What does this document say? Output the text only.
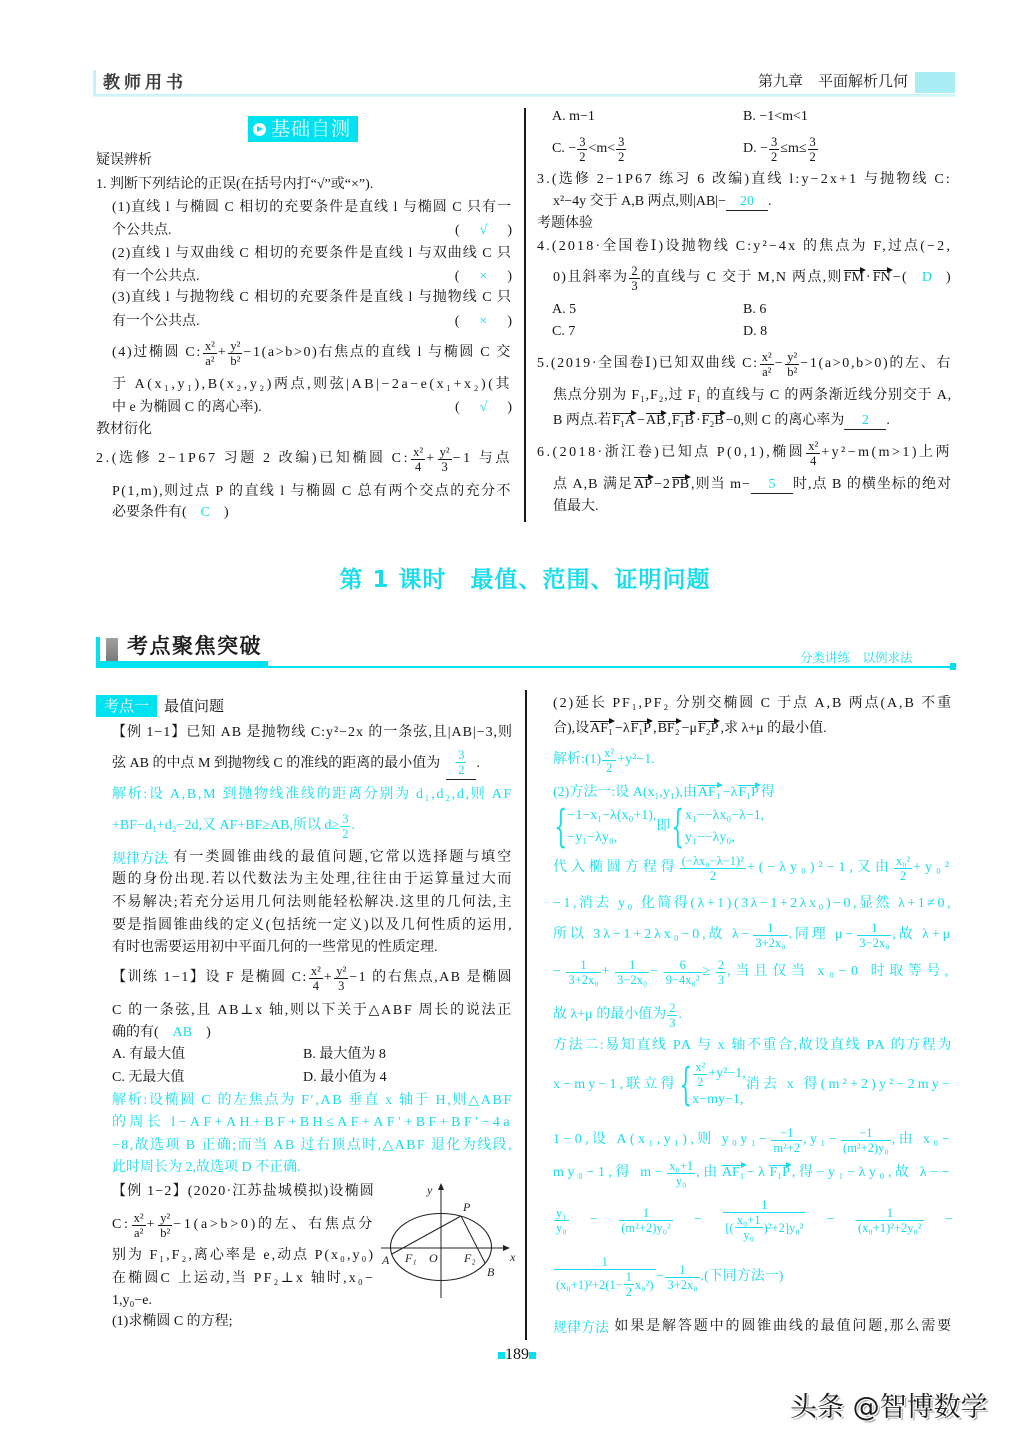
教师用书	第九章　平面解析几何
基础自测
疑误辨析
1. 判断下列结论的正误(在括号内打“√”或“×”).
(1)直线 l 与椭圆 C 相切的充要条件是直线 l 与椭圆 C 只有一
个公共点.	(	√	)
(2)直线 l 与双曲线 C 相切的充要条件是直线 l 与双曲线 C 只
有一个公共点.	(	×	)
(3)直线 l 与抛物线 C 相切的充要条件是直线 l 与抛物线 C 只
有一个公共点.	(	×	)
(4)过椭圆 C: $\frac{\text{x²}}{\text{a²}} + \frac{\text{y²}}{\text{b²}} -1(a>b>0)$右焦点的直线 l 与椭圆 C 交
于 A(x₁,y₁),B(x₂,y₂)两点,则弦|AB|−2a−e(x₁+x₂)(其
中 e 为椭圆 C 的离心率).	(	√	)
教材衍化
2.(选修 2−1P67 习题 2 改编)已知椭圆 C: $\frac{\text{x²}}{4} + \frac{\text{y²}}{3} -1$ 与点
P(1,m),则过点 P 的直线 l 与椭圆 C 总有两个交点的充分不
必要条件有(	C	)
A. m−1	B. −1<m<1
C. − $\frac{3}{2} <m< \frac{3}{2}$	D. − $\frac{3}{2} \le m\le \frac{3}{2}$
3.(选修 2−1P67 练习 6 改编)直线 l:y−2x+1 与抛物线 C:
x²−4y 交于 A,B 两点,则|AB|−	20	.
考题体验
4.(2018·全国卷Ⅰ)设抛物线 C:y²−4x 的焦点为 F,过点(−2,
0)且斜率为 $\frac{2}{3}$ 的直线与 C 交于 M,N 两点,则 FM · FN −(	D	)
A. 5	B. 6
C. 7	D. 8
5.(2019·全国卷Ⅰ)已知双曲线 C: $\frac{\text{x²}}{\text{a²}} - \frac{\text{y²}}{\text{b²}} -1(a>0,b>0)$的左、右
焦点分别为 F₁,F₂,过 F₁ 的直线与 C 的两条渐近线分别交于 A,
B 两点.若 F₁A − AB , F₁B · F₂B −0,则 C 的离心率为	2	.
6.(2018·浙江卷)已知点 P(0,1),椭圆 $\frac{\text{x²}}{4} +y^2-m(m>1)$上两
点 A,B 满足 AP −2 PB ,则当 m−	5	时,点 B 的横坐标的绝对
值最大.
第 1 课时　最值、范围、证明问题
考点聚焦突破	分类讲练　以例求法
考点一	最值问题
【例 1−1】已知 AB 是抛物线 C:y²−2x 的一条弦,且|AB|−3,则
弦 AB 的中点 M 到抛物线 C 的准线的距离的最小值为 $\frac{3}{2}$ .
解析:设 A,B,M 到抛物线准线的距离分别为 d₁,d₂,d,则 AF
+BF−d₁+d₂−2d,又 AF+BF≥AB,所以 $d\ge \frac{3}{2}$ .
规律方法 有一类圆锥曲线的最值问题,它常以选择题与填空
题的身份出现.若以代数法为主处理,往往由于运算量过大而
不易解决;若充分运用几何法则能轻松解决.这里的几何法,主
要是指圆锥曲线的定义(包括统一定义)以及几何性质的运用,
有时也需要运用初中平面几何的一些常见的性质定理.
【训练 1−1】设 F 是椭圆 C: $\frac{\text{x²}}{4} + \frac{\text{y²}}{3} -1$ 的右焦点,AB 是椭圆
C 的一条弦,且 AB⊥x 轴,则以下关于△ABF 周长的说法正
确的有(	AB	)
A. 有最大值	B. 最大值为 8
C. 无最大值	D. 最小值为 4
解析:设椭圆 C 的左焦点为 F′,AB 垂直 x 轴于 H,则△ABF
的周长 l−AF+AH+BF+BH≤AF+AF′+BF+BF′−4a
−8,故选项 B 正确;而当 AB 过右顶点时,△ABF 退化为线段,
此时周长为 2,故选项 D 不正确.
【例 1−2】(2020·江苏盐城模拟)设椭圆
C: $\frac{\text{x²}}{\text{a²}} + \frac{\text{y²}}{\text{b²}} -1(a>b>0)$的左、右焦点分
别为 F₁,F₂,离心率是 e,动点 P(x₀,y₀)
在椭圆C 上运动,当 PF₂⊥x 轴时,x₀−
1,y₀−e.
(1)求椭圆 C 的方程;
y
P
x
A F₁ O F₂
B
(2)延长 PF₁,PF₂ 分别交椭圆 C 于点 A,B 两点(A,B 不重
合),设 AF₁ −λ F₁P , BF₂ −μ F₂P ,求 λ+μ 的最小值.
解析:(1) $\frac{\text{x²}}{2} +y^2-1$.
(2)方法一:设 A(x₁,y₁),由 AF₁ −λ F₁P 得
{ −1−x₁−λ(x₀+1),
−y₁−λy₀,
即 { x₁−−λx₀−λ−1,
y₁−−λy₀,
代入椭圆方程得 $\frac{\text{(−λx₀−λ−1)²}}{2} +(-\lambda y_0)^2-1$,又由 $\frac{\text{x₀²}}{2} +y_0^2$
−1,消去 y₀ 化简得(λ+1)(3λ−1+2λx₀)−0,显然 λ+1≠0,
所以 3λ−1+2λx₀−0,故 $\lambda- \frac{1}{\text{3+2x₀}}$ .同理 $\mu- \frac{1}{\text{3−2x₀}}$ ,故 λ+μ
− $\frac{1}{\text{3+2x₀}} + \frac{1}{\text{3−2x₀}} - \frac{6}{\text{9−4x₀²}} \ge \frac{2}{3}$ ,当且仅当 x₀−0 时取等号,
故 λ+μ 的最小值为 $\frac{2}{3}$ .
方法二:易知直线 PA 与 x 轴不重合,故设直线 PA 的方程为
x−my−1,联立得 { $\frac{\text{x²}}{2} +y^2-1$,
x−my−1,
消去 x 得(m²+2)y²−2my−
1−0,设 A(x₁,y₁),则 $y_0y_1- \frac{-1}{\text{m²+2}} ,y_1- \frac{-1}{\text{(m²+2)y₀}}$ ,由 x₀−
my₀−1,得 $m- \frac{\text{x₀+1}}{\text{y₀}}$ ,由 AF₁ −λ F₁P ,得−y₁−λy₀,故 λ−−
$\frac{\text{y₁}}{\text{y₀}} - \frac{1}{\text{(m²+2)y₀²}} - \frac{1}{[( \frac{\text{x₀+1}}{\text{y₀}} )^2+2]y_0^2} - \frac{1}{\text{(x₀+1)²+2y₀²}}$ −
$\frac{1}{(x_0+1)^2+2(1- \frac{1}{2} x_0^2)} - \frac{1}{\text{3+2x₀}}$ .(下同方法一)
规律方法 如果是解答题中的圆锥曲线的最值问题,那么需要
189
头条 @智博数学
